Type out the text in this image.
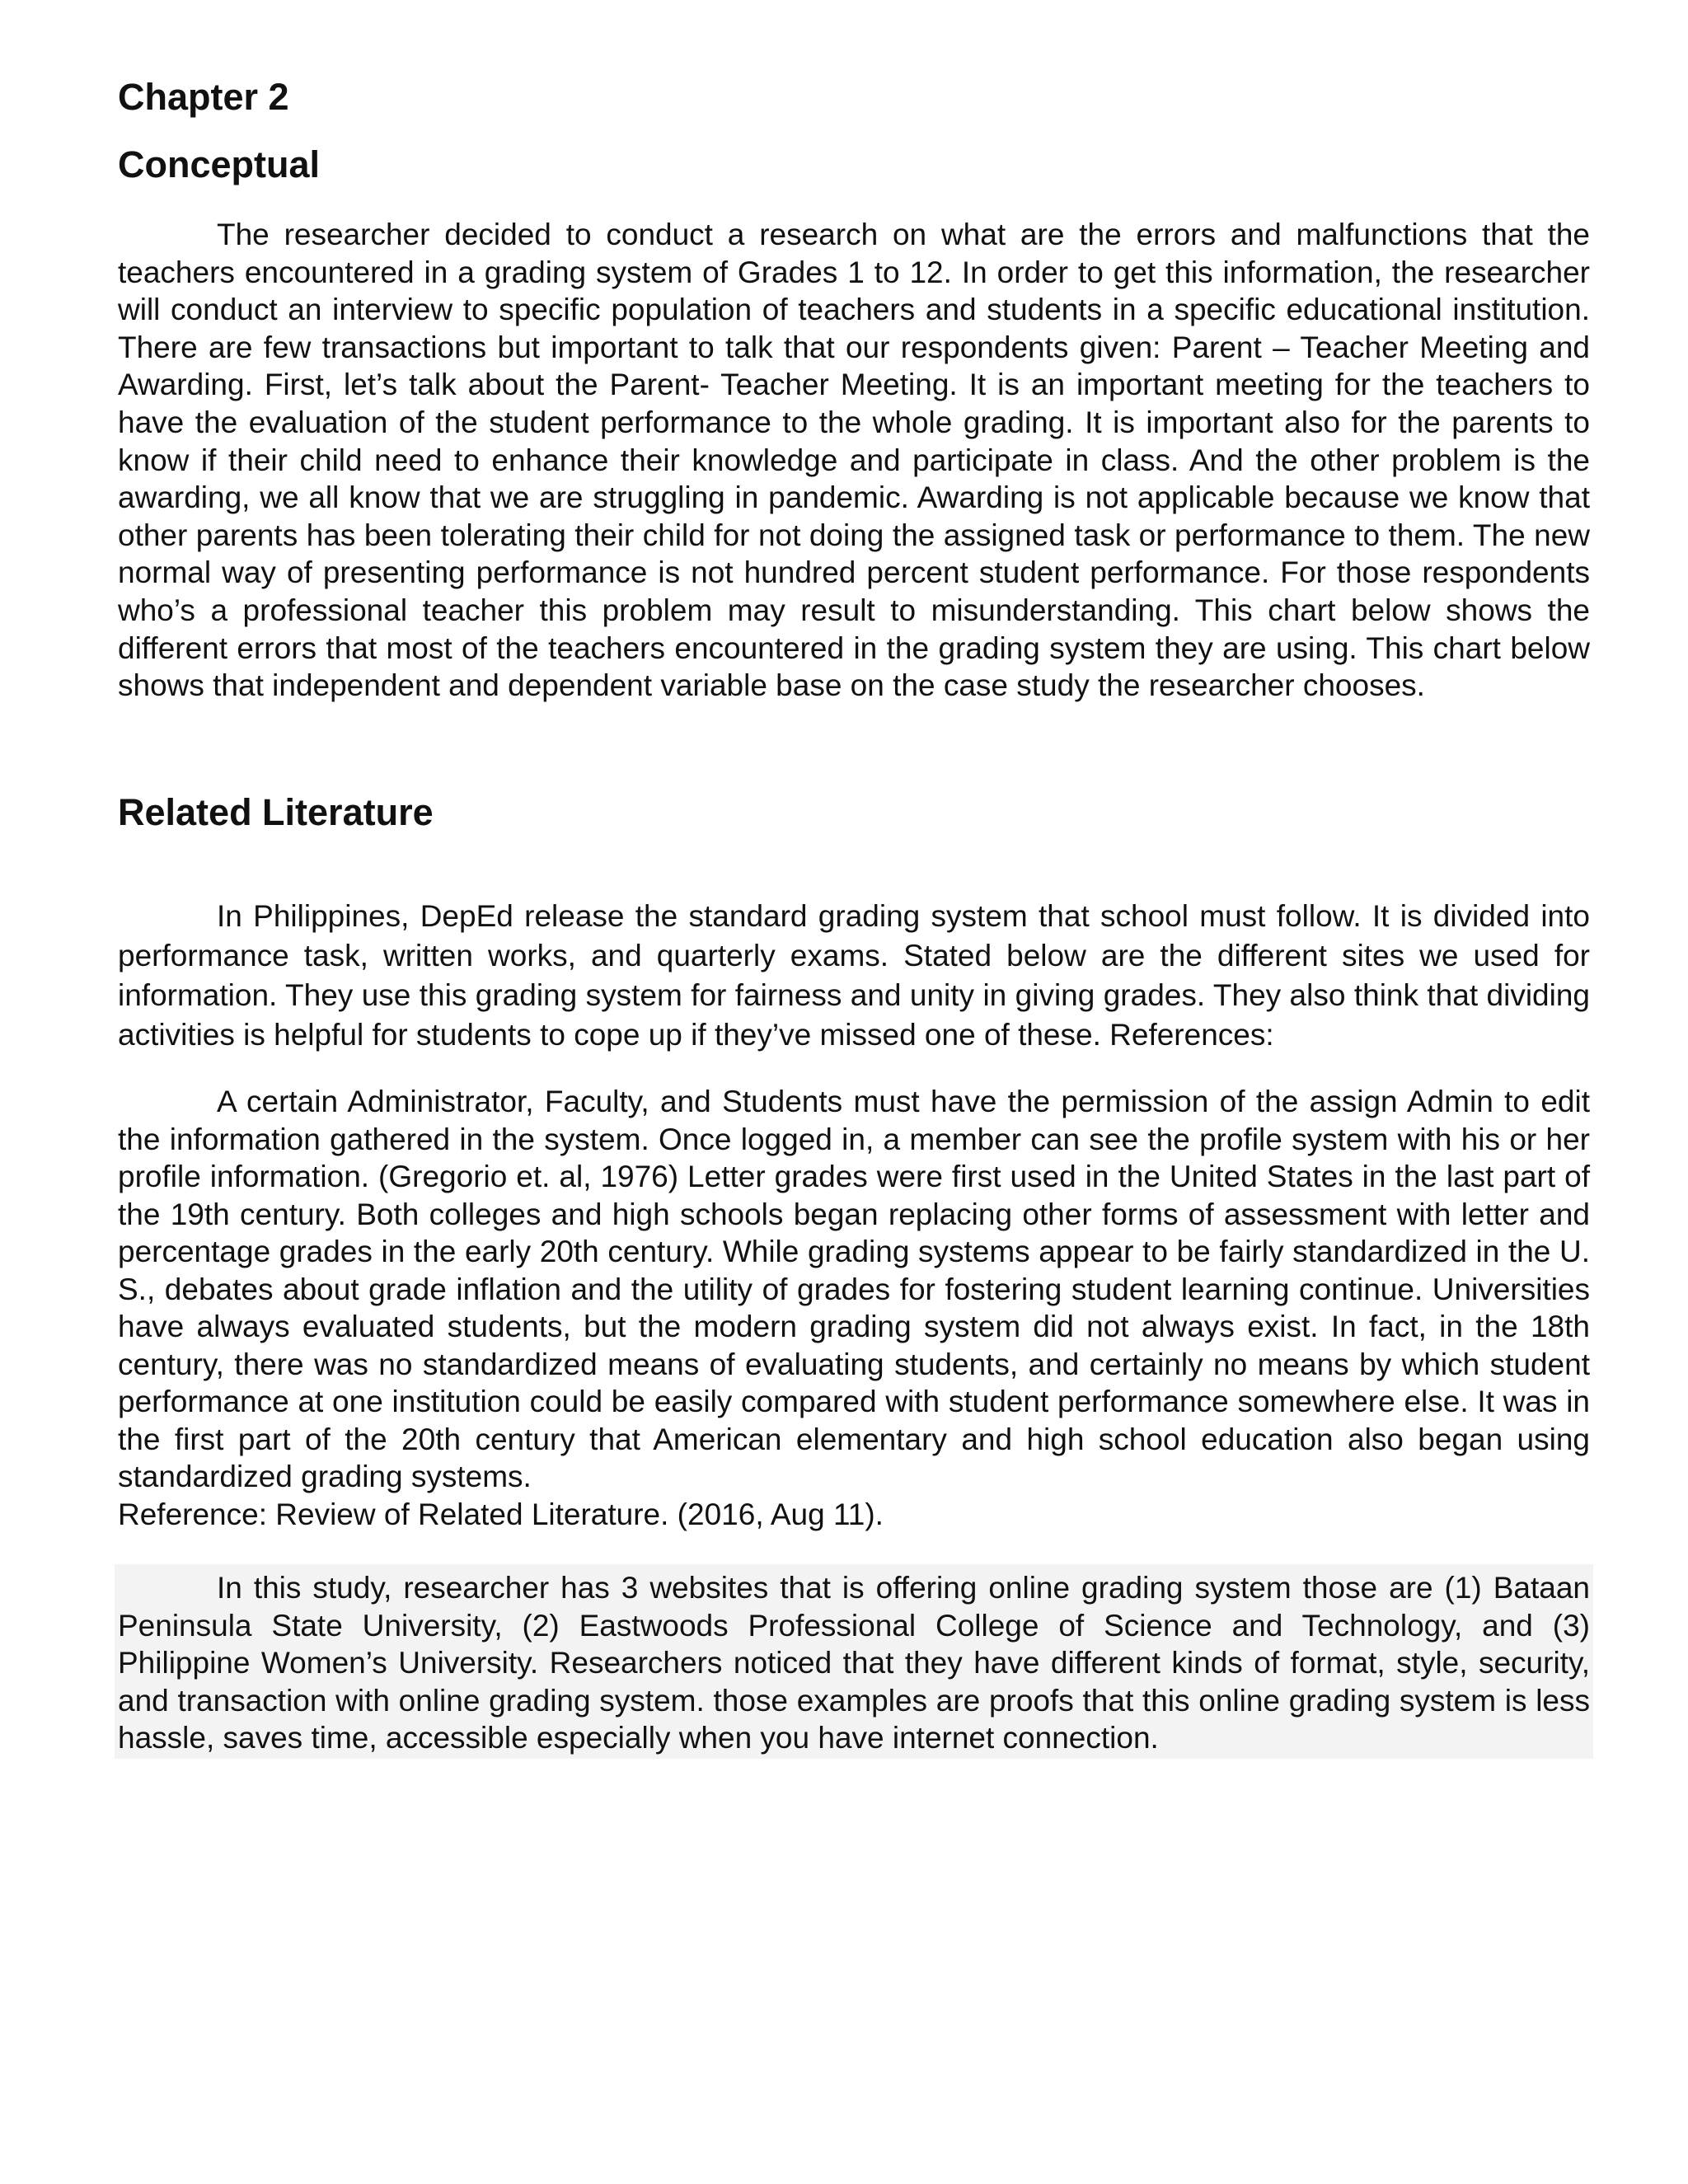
Chapter 2
Conceptual

The researcher decided to conduct a research on what are the errors and malfunctions that the teachers encountered in a grading system of Grades 1 to 12. In order to get this information, the researcher will conduct an interview to specific population of teachers and students in a specific educational institution. There are few transactions but important to talk that our respondents given: Parent – Teacher Meeting and Awarding. First, let’s talk about the Parent- Teacher Meeting. It is an important meeting for the teachers to have the evaluation of the student performance to the whole grading. It is important also for the parents to know if their child need to enhance their knowledge and participate in class. And the other problem is the awarding, we all know that we are struggling in pandemic. Awarding is not applicable because we know that other parents has been tolerating their child for not doing the assigned task or performance to them. The new normal way of presenting performance is not hundred percent student performance. For those respondents who’s a professional teacher this problem may result to misunderstanding. This chart below shows the different errors that most of the teachers encountered in the grading system they are using. This chart below shows that independent and dependent variable base on the case study the researcher chooses.

Related Literature

In Philippines, DepEd release the standard grading system that school must follow. It is divided into performance task, written works, and quarterly exams. Stated below are the different sites we used for information. They use this grading system for fairness and unity in giving grades. They also think that dividing activities is helpful for students to cope up if they’ve missed one of these. References:

A certain Administrator, Faculty, and Students must have the permission of the assign Admin to edit the information gathered in the system. Once logged in, a member can see the profile system with his or her profile information. (Gregorio et. al, 1976) Letter grades were first used in the United States in the last part of the 19th century. Both colleges and high schools began replacing other forms of assessment with letter and percentage grades in the early 20th century. While grading systems appear to be fairly standardized in the U. S., debates about grade inflation and the utility of grades for fostering student learning continue. Universities have always evaluated students, but the modern grading system did not always exist. In fact, in the 18th century, there was no standardized means of evaluating students, and certainly no means by which student performance at one institution could be easily compared with student performance somewhere else. It was in the first part of the 20th century that American elementary and high school education also began using standardized grading systems.
Reference: Review of Related Literature. (2016, Aug 11).

In this study, researcher has 3 websites that is offering online grading system those are (1) Bataan Peninsula State University, (2) Eastwoods Professional College of Science and Technology, and (3) Philippine Women’s University. Researchers noticed that they have different kinds of format, style, security, and transaction with online grading system. those examples are proofs that this online grading system is less hassle, saves time, accessible especially when you have internet connection.
